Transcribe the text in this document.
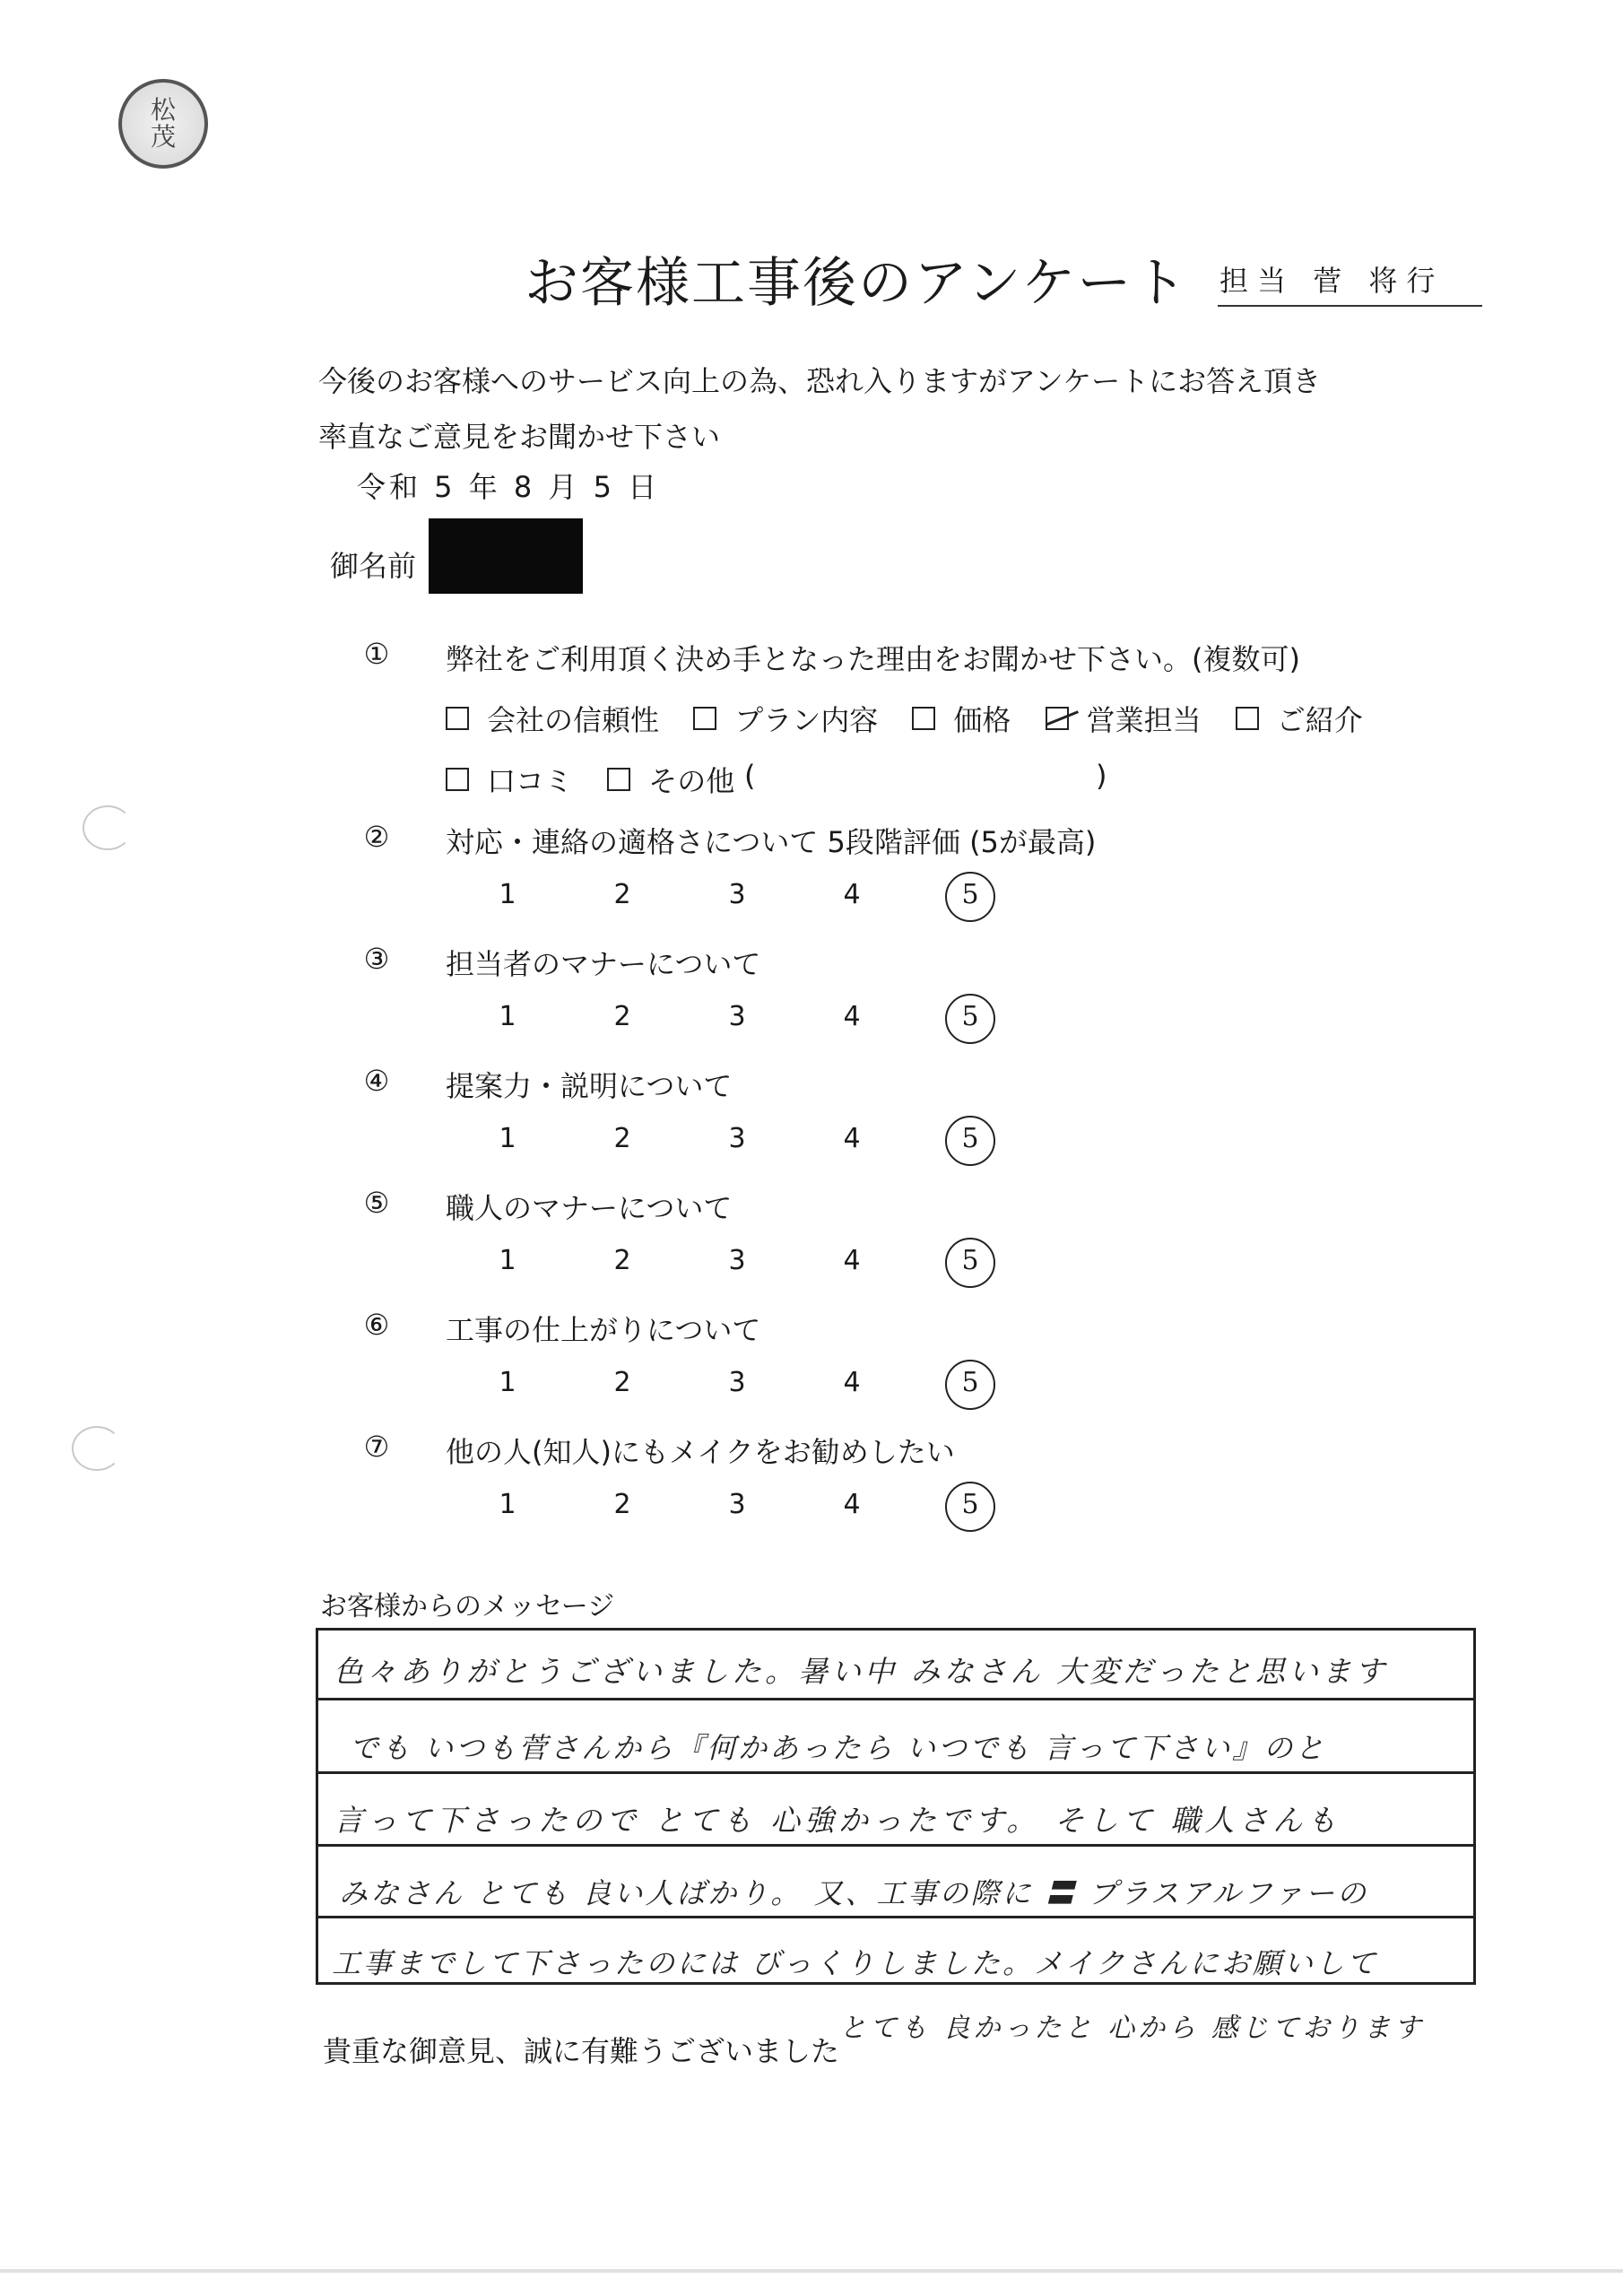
松
茂
お客様工事後のアンケート 担当 菅 将行
今後のお客様へのサービス向上の為、恐れ入りますがアンケートにお答え頂き
率直なご意見をお聞かせ下さい
令和 5 年 8 月 5 日
御名前
①	弊社をご利用頂く決め手となった理由をお聞かせ下さい。(複数可)
会社の信頼性
	プラン内容
	価格
	営業担当
	ご紹介
口コミ
	その他 (	)
②	対応・連絡の適格さについて 5段階評価 (5が最高)
1	2	3	4	5
③	担当者のマナーについて
1	2	3	4	5
④	提案力・説明について
1	2	3	4	5
⑤	職人のマナーについて
1	2	3	4	5
⑥	工事の仕上がりについて
1	2	3	4	5
⑦	他の人(知人)にもメイクをお勧めしたい
1	2	3	4	5
お客様からのメッセージ
色々ありがとうございました。暑い中 みなさん 大変だったと思います
でも いつも菅さんから『何かあったら いつでも 言って下さい』のと
言って下さったので とても 心強かったです。 そして 職人さんも
みなさん とても 良い人ばかり。 又、工事の際に 〓 プラスアルファーの
工事までして下さったのには びっくりしました。メイクさんにお願いして
とても 良かったと 心から 感じております
貴重な御意見、誠に有難うございました
